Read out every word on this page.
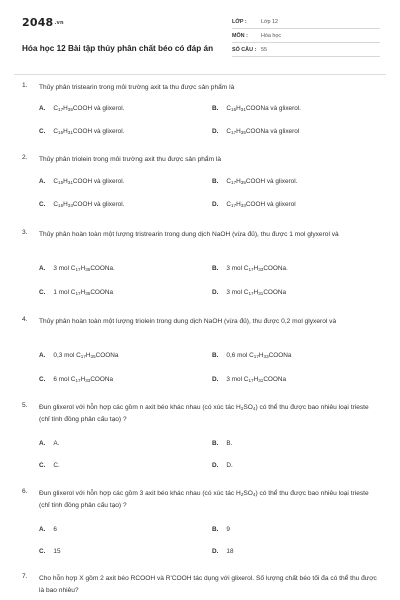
2048.vn
Hóa học 12 Bài tập thủy phân chất béo có đáp án
LỚP :	Lớp 12
MÔN : Hóa học
SỐ CÂU : 55
1. Thủy phân tristearin trong môi trường axit ta thu được sản phẩm là
A. $C_{17}H_{35}COOH$ và glixerol.	B. $C_{15}H_{31}COONa$ và glixerol.
C. $C_{15}H_{31}COOH$ và glixerol.	D. $C_{17}H_{35}COONa$ và glixerol
2. Thủy phân triolein trong môi trường axit thu được sản phẩm là
A. $C_{15}H_{31}COOH$ và glixerol.	B. $C_{17}H_{35}COOH$ và glixerol.
C. $C_{15}H_{33}COOH$ và glixerol.	D. $C_{17}H_{33}COOH$ và glixerol
3. Thủy phân hoàn toàn một lượng tristrearin trong dung dịch NaOH (vừa đủ), thu được 1 mol glyxerol và
A. 3 mol $C_{17}H_{35}COONa$.	B. 3 mol $C_{17}H_{33}COONa$.
C. 1 mol $C_{17}H_{35}COONa$	D. 3 mol $C_{17}H_{31}COONa$
4. Thủy phân hoàn toàn một lượng triolein trong dung dịch NaOH (vừa đủ), thu được 0,2 mol glyxerol và
A. 0,3 mol $C_{17}H_{35}COONa$	B. 0,6 mol $C_{17}H_{33}COONa$
C. 6 mol $C_{17}H_{33}COONa$	D. 3 mol $C_{17}H_{31}COONa$
5. Đun glixerol với hỗn hợp các gồm n axit béo khác nhau (có xúc tác $H_2SO_4$) có thể thu được bao nhiêu loại trieste (chỉ tính đồng phân cấu tạo) ?
A. A.	B. B.
C. C.	D. D.
6. Đun glixerol với hỗn hợp các gồm 3 axit béo khác nhau (có xúc tác $H_2SO_4$) có thể thu được bao nhiêu loại trieste (chỉ tính đồng phân cấu tạo) ?
A. 6	B. 9
C. 15	D. 18
7. Cho hỗn hợp X gồm 2 axit béo RCOOH và R'COOH tác dụng với glixerol. Số lượng chất béo tối đa có thể thu được là bao nhiêu?
